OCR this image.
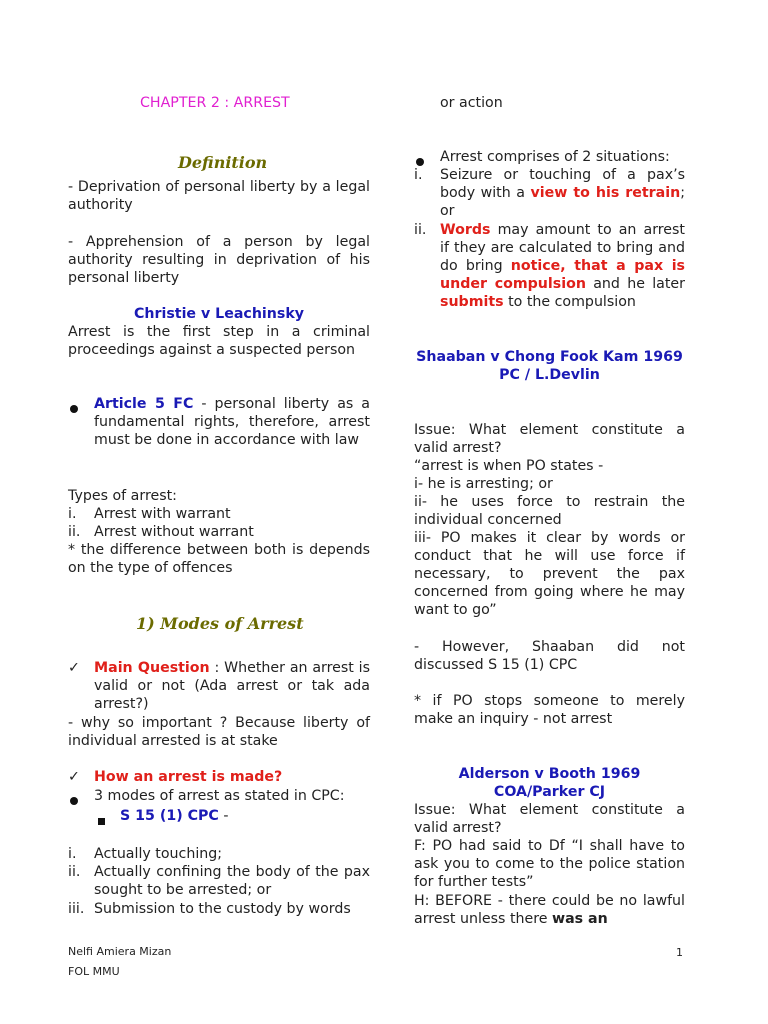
CHAPTER 2 : ARREST
Definition
- Deprivation of personal liberty by a legal authority
- Apprehension of a person by legal authority resulting in deprivation of his personal liberty
Christie v Leachinsky
Arrest is the first step in a criminal proceedings against a suspected person
Article 5 FC - personal liberty as a fundamental rights, therefore, arrest must be done in accordance with law
Types of arrest:
i.	Arrest with warrant
ii. Arrest without warrant
* the difference between both is depends on the type of offences
1) Modes of Arrest
✓ Main Question : Whether an arrest is valid or not (Ada arrest or tak ada arrest?)
- why so important ? Because liberty of individual arrested is at stake
✓ How an arrest is made?
3 modes of arrest as stated in CPC:
S 15 (1) CPC -
i.	Actually touching;
ii. Actually confining the body of the pax sought to be arrested; or
iii. Submission to the custody by words
or action
Arrest comprises of 2 situations:
i.	Seizure or touching of a pax’s body with a view to his retrain; or
ii. Words may amount to an arrest if they are calculated to bring and do bring notice, that a pax is under compulsion and he later submits to the compulsion
Shaaban v Chong Fook Kam 1969
PC / L.Devlin
Issue: What element constitute a valid arrest?
“arrest is when PO states -
i- he is arresting; or
ii- he uses force to restrain the individual concerned
iii- PO makes it clear by words or conduct that he will use force if necessary, to prevent the pax concerned from going where he may want to go”
- However, Shaaban did not discussed S 15 (1) CPC
* if PO stops someone to merely make an inquiry - not arrest
Alderson v Booth 1969
COA/Parker CJ
Issue: What element constitute a valid arrest?
F: PO had said to Df “I shall have to ask you to come to the police station for further tests”
H: BEFORE - there could be no lawful arrest unless there was an
Nelfi Amiera Mizan
FOL MMU
1
